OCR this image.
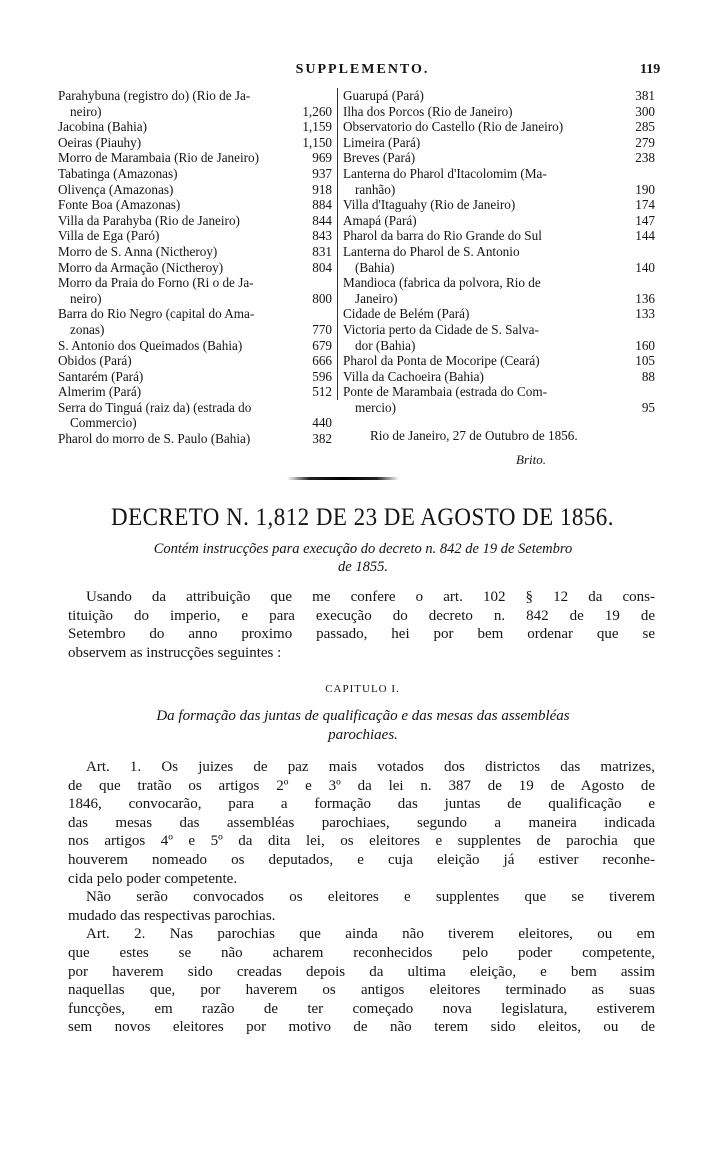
SUPPLEMENTO.	119
Parahybuna (registro do) (Rio de Ja-
neiro)	1,260
Jacobina (Bahia)	1,159
Oeiras (Piauhy)	1,150
Morro de Marambaia (Rio de Janeiro)	969
Tabatinga (Amazonas)	937
Olivença (Amazonas)	918
Fonte Boa (Amazonas)	884
Villa da Parahyba (Rio de Janeiro)	844
Villa de Ega (Paró)	843
Morro de S. Anna (Nictheroy)	831
Morro da Armação (Nictheroy)	804
Morro da Praia do Forno (Ri o de Ja-
neiro)	800
Barra do Rio Negro (capital do Ama-
zonas)	770
S. Antonio dos Queimados (Bahia)	679
Obidos (Pará)	666
Santarém (Pará)	596
Almerim (Pará)	512
Serra do Tinguá (raiz da) (estrada do
Commercio)	440
Pharol do morro de S. Paulo (Bahia)	382
Guarupá (Pará)	381
Ilha dos Porcos (Rio de Janeiro)	300
Observatorio do Castello (Rio de Janeiro)	285
Limeira (Pará)	279
Breves (Pará)	238
Lanterna do Pharol d'Itacolomim (Ma-
ranhão)	190
Villa d'Itaguahy (Rio de Janeiro)	174
Amapá (Pará)	147
Pharol da barra do Rio Grande do Sul	144
Lanterna do Pharol de S. Antonio
(Bahia)	140
Mandioca (fabrica da polvora, Rio de
Janeiro)	136
Cidade de Belém (Pará)	133
Victoria perto da Cidade de S. Salva-
dor (Bahia)	160
Pharol da Ponta de Mocoripe (Ceará)	105
Villa da Cachoeira (Bahia)	88
Ponte de Marambaia (estrada do Com-
mercio)	95
Rio de Janeiro, 27 de Outubro de 1856.
Brito.
DECRETO N. 1,812 DE 23 DE AGOSTO DE 1856.
Contém instrucções para execução do decreto n. 842 de 19 de Setembro
de 1855.
Usando da attribuição que me confere o art. 102 § 12 da cons-
tituição do imperio, e para execução do decreto n. 842 de 19 de
Setembro do anno proximo passado, hei por bem ordenar que se
observem as instrucções seguintes :
CAPITULO I.
Da formação das juntas de qualificação e das mesas das assembléas
parochiaes.
Art. 1. Os juizes de paz mais votados dos districtos das matrizes,
de que tratão os artigos 2º e 3º da lei n. 387 de 19 de Agosto de
1846, convocarão, para a formação das juntas de qualificação e
das mesas das assembléas parochiaes, segundo a maneira indicada
nos artigos 4º e 5º da dita lei, os eleitores e supplentes de parochia que
houverem nomeado os deputados, e cuja eleição já estiver reconhe-
cida pelo poder competente.
Não serão convocados os eleitores e supplentes que se tiverem
mudado das respectivas parochias.
Art. 2. Nas parochias que ainda não tiverem eleitores, ou em
que estes se não acharem reconhecidos pelo poder competente,
por haverem sido creadas depois da ultima eleição, e bem assim
naquellas que, por haverem os antigos eleitores terminado as suas
funcções, em razão de ter começado nova legislatura, estiverem
sem novos eleitores por motivo de não terem sido eleitos, ou de
